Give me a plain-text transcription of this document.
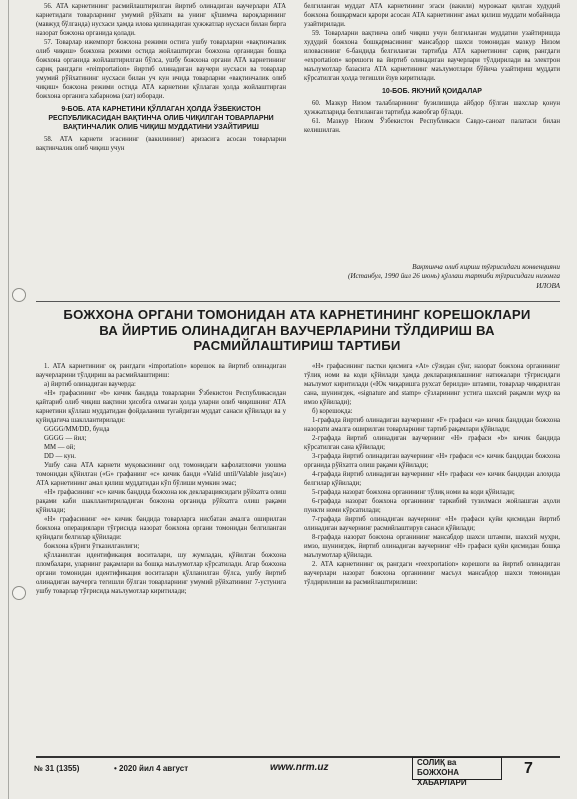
56. ATA карнетининг расмийлаштирилган йиртиб олинадиган ваучерлари АТА карнетидаги товарларнинг умумий рўйхати ва унинг қўшимча вароқларининг (мавжуд бўлганда) нусхаси ҳамда илова қилинадиган ҳужжатлар нусхаси билан бирга назорат божхона органида қолади.

57. Товарлар ижемпорт божхона режими остига ушбу товарларни «вақтинчалик олиб чиқиш» божхона режими остида жойлаштирган божхона органидан бошқа божхона органида жойлаштирилган бўлса, ушбу божхона органи АТА карнетининг сариқ рангдаги «reimportation» йиртиб олинадиган ваучери нусхаси ва товарлар умумий рўйхатининг нусхаси билан уч кун ичида товарларни «вақтинчалик олиб чиқиш» божхона режими остида АТА карнетини қўллаган ҳолда жойлаштирган божхона органига хабарнома (хат) юборади.

9-БОБ. АТА КАРНЕТИНИ ҚЎЛЛАГАН ҲОЛДА ЎЗБЕКИСТОН РЕСПУБЛИКАСИДАН ВАҚТИНЧА ОЛИБ ЧИҚИЛГАН ТОВАРЛАРНИ ВАҚТИНЧАЛИК ОЛИБ ЧИҚИШ МУДДАТИНИ УЗАЙТИРИШ

58. АТА карнети эгасининг (вакилининг) аризасига асосан товарларни вақтинчалик олиб чиқиш учун

белгиланган муддат АТА карнетининг эгаси (вакили) мурожаат қилган худудий божхона бошқармаси қарори асосан АТА карнетининг амал қилиш муддати мобайнида узайтирилади.

59. Товарларни вақтинча олиб чиқиш учун белгиланган муддатни узайтиришда худудий божхона бошқармасининг мансабдор шахси томонидан мазкур Низом иловасининг 6-бандида белгиланган тартибда АТА карнетининг сариқ рангдаги «exportation» корешоги ва йиртиб олинадиган ваучерлари тўлдирилади ва электрон маълумотлар базасига АТА карнетининг маълумотлари бўйича узайтириш муддати кўрсатилган ҳолда тегишли ёзув киритилади.

10-БОБ. ЯКУНИЙ ҚОИДАЛАР

60. Мазкур Низом талабларининг бузилишида айбдор бўлган шахслар қонун ҳужжатларида белгиланган тартибда жавобгар бўлади.

61. Мазкур Низом Ўзбекистон Республикаси Савдо-саноат палатаси билан келишилган.

Вақтинча олиб кириш тўғрисидаги конвенцияни
(Истанбул, 1990 йил 26 июнь) қўллаш тартиби тўғрисидаги низомга
ИЛОВА
БОЖХОНА ОРГАНИ ТОМОНИДАН АТА КАРНЕТИНИНГ КОРЕШОКЛАРИ
ВА ЙИРТИБ ОЛИНАДИГАН ВАУЧЕРЛАРИНИ ТЎЛДИРИШ ВА
РАСМИЙЛАШТИРИШ ТАРТИБИ

1. АТА карнетининг оқ рангдаги «importation» корешок ва йиртиб олинадиган ваучерларини тўлдириш ва расмийлаштириш:

а) йиртиб олинадиган ваучерда:

«H» графасининг «b» кичик бандида товарларни Ўзбекистон Республикасидан қайтариб олиб чиқиш вақтини ҳисобга олмаган ҳолда уларни олиб чиқишнинг АТА карнетини қўллаш муддатидан фойдаланиш тугайдиган муддат санаси қўйилади ва у қуйидагича шакллантирилади:

GGGG/MM/DD, бунда

GGGG — йил;

MM — ой;

DD — кун.

Ушбу сана АТА карнети муқовасининг олд томонидаги кафолатловчи уюшма томонидан қўйилган («G» графанинг «c» кичик банди «Valid until/Valable jusq'au») АТА карнетининг амал қилиш муддатидан кўп бўлиши мумкин эмас;

«H» графасининг «c» кичик бандида божхона юк декларациясидаги рўйхатга олиш рақами каби шакллантириладиган божхона органида рўйхатга олиш рақами қўйилади;

«H» графасининг «e» кичик бандида товарларга нисбатан амалга оширилган божхона операциялари тўғрисида назорат божхона органи томонидан белгиланган қуйидаги белгилар қўйилади:

божхона кўриги ўтказилганлиги;

қўлланилган идентификация воситалари, шу жумладан, қўйилган божхона пломбалари, уларнинг рақамлари ва бошқа маълумотлар кўрсатилади. Агар божхона органи томонидан идентификация воситалари қўлланилган бўлса, ушбу йиртиб олинадиган ваучерга тегишли бўлган товарларнинг умумий рўйхатининг 7-устунига ушбу товарлар тўғрисида маълумотлар киритилади;

«H» графасининг пастки қисмига «At» сўзидан сўнг, назорат божхона органининг тўлиқ номи ва коди қўйилади ҳамда декларациялашнинг натижалари тўғрисидаги маълумот киритилади («Юк чиқаришга рухсат берилди» штампи, товарлар чиқарилган сана, шунингдек, «signature and stamp» сўзларининг устига шахсий рақамли муҳр ва имзо қўйилади);

б) корешокда:

1-графада йиртиб олинадиган ваучернинг «F» графаси «a» кичик бандидан божхона назорати амалга оширилган товарларнинг тартиб рақамлари қўйилади;

2-графада йиртиб олинадиган ваучернинг «H» графаси «b» кичик бандида кўрсатилган сана қўйилади;

3-графада йиртиб олинадиган ваучернинг «H» графаси «c» кичик бандидан божхона органида рўйхатга олиш рақами қўйилади;

4-графада йиртиб олинадиган ваучернинг «H» графаси «e» кичик бандидан алоҳида белгилар қўйилади;

5-графада назорат божхона органининг тўлиқ номи ва коди қўйилади;

6-графада назорат божхона органининг таркибий тузилмаси жойлашган аҳоли пункти номи кўрсатилади;

7-графада йиртиб олинадиган ваучернинг «H» графаси қуйи қисмидан йиртиб олинадиган ваучернинг расмийлаштирув санаси қўйилади;

8-графада назорат божхона органининг мансабдор шахси штампи, шахсий муҳри, имзо, шунингдек, йиртиб олинадиган ваучернинг «H» графаси қуйи қисмидан бошқа маълумотлар қўйилади.

2. АТА карнетининг оқ рангдаги «reexportation» корешоги ва йиртиб олинадиган ваучерлари назорат божхона органининг масъул мансабдор шахси томонидан тўлдирилиши ва расмийлаштирилиши:

№ 31 (1355)	• 2020 йил 4 август	www.nrm.uz	СОЛИҚ ва
БОЖХОНА ХАБАРЛАРИ
7
